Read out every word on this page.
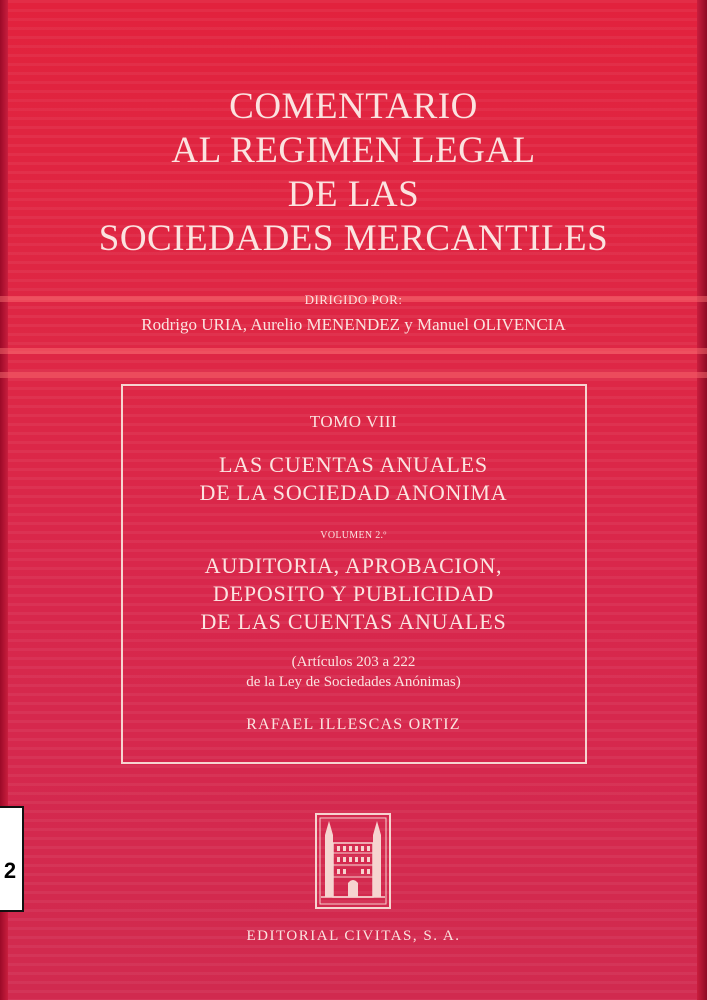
COMENTARIO
AL REGIMEN LEGAL
DE LAS
SOCIEDADES MERCANTILES
DIRIGIDO POR:
Rodrigo URIA, Aurelio MENENDEZ y Manuel OLIVENCIA
TOMO VIII
LAS CUENTAS ANUALES
DE LA SOCIEDAD ANONIMA
VOLUMEN 2.º
AUDITORIA, APROBACION,
DEPOSITO Y PUBLICIDAD
DE LAS CUENTAS ANUALES
(Artículos 203 a 222
de la Ley de Sociedades Anónimas)
RAFAEL ILLESCAS ORTIZ
EDITORIAL CIVITAS, S. A.
2
